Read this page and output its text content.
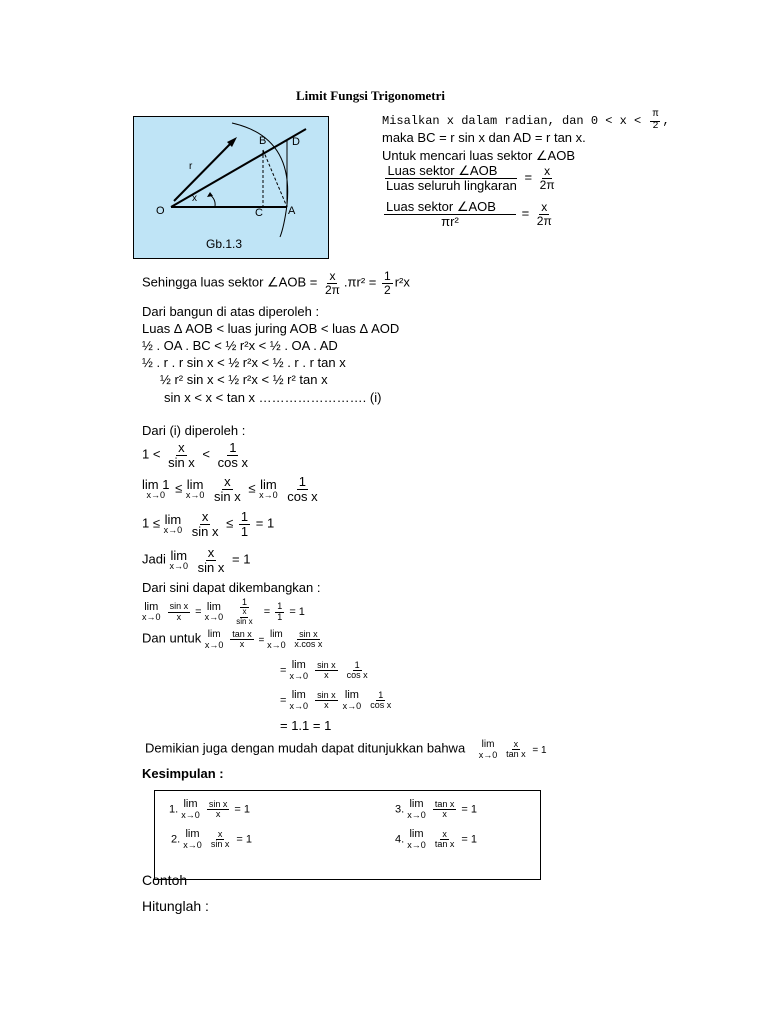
Limit Fungsi Trigonometri
O	A
B
C
D
r
x
Gb.1.3
Misalkan x dalam radian, dan $0 < x < \frac{\pi}{2}$ ,
maka BC = r sin x dan AD = r tan x.
Untuk mencari luas sektor ∠AOB
$\frac{\text{Luas sektor ∠AOB}}{\text{Luas seluruh lingkaran}} = \frac{x}{2\pi}$
$\frac{\text{Luas sektor ∠AOB}}{\text{πr²}} = \frac{x}{2\pi}$
Sehingga luas sektor ∠AOB = $\frac{x}{2\pi} .\pi r^2 = \frac{1}{2} r^2x$
Dari bangun di atas diperoleh :
Luas Δ AOB < luas juring AOB < luas Δ AOD
½ . OA . BC < ½ r²x < ½ . OA . AD
½ . r . r sin x < ½ r²x < ½ . r . r tan x
½ r² sin x < ½ r²x < ½ r² tan x
sin x < x < tan x ……………………. (i)
Dari (i) diperoleh :
$1 < \frac{x}{\text{sin x}} < \frac{1}{\text{cos x}}$
lim 1
x→0 ≤ lim
x→0
$\frac{x}{\text{sin x}} \le \lim$
x→0
$\frac{1}{\text{cos x}}$
1 ≤ lim
x→0
$\frac{x}{\text{sin x}} \le \frac{1}{1} = 1$
Jadi lim
x→0
$\frac{x}{\text{sin x}} = 1$
Dari sini dapat dikembangkan :
lim
x→0
$\frac{\text{sin x}}{x} = \lim$
x→0
$\frac{1}{\frac{x}{\text{sin x}}} = \frac{1}{1} = 1$
Dan untuk lim
x→0
$\frac{\text{tan x}}{x}$ =
lim
x→0
$\frac{\text{sin x}}{\text{x.cos x}}$
= lim
x→0
$\frac{\text{sin x}}{x}$
$\frac{1}{\text{cos x}}$
= lim
x→0
$\frac{\text{sin x}}{x}$
lim
x→0
$\frac{1}{\text{cos x}}$
= 1.1 = 1
Demikian juga dengan mudah dapat ditunjukkan bahwa lim
x→0
$\frac{x}{\text{tan x}} = 1$
Kesimpulan :
1. lim
x→0
$\frac{\text{sin x}}{x} = 1$
2. lim
x→0
$\frac{x}{\text{sin x}} = 1$
3. lim
x→0
$\frac{\text{tan x}}{x} = 1$
4. lim
x→0
$\frac{x}{\text{tan x}} = 1$
Contoh
Hitunglah :
